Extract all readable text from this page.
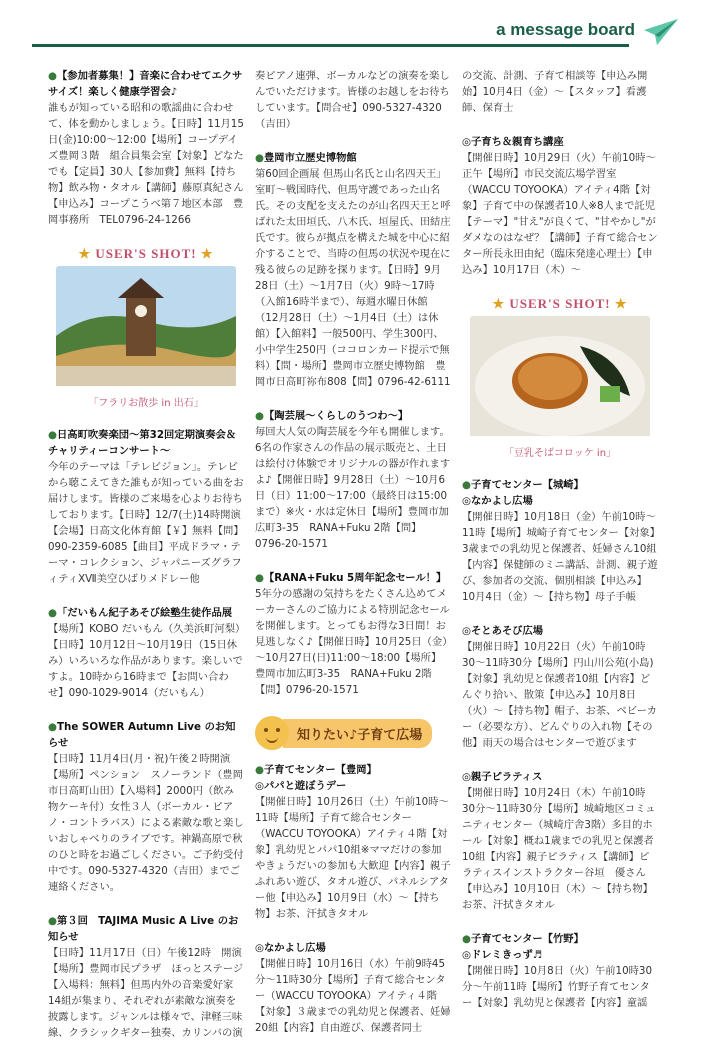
a message board
●【参加者募集！】音楽に合わせてエクササイズ！楽しく健康学習会♪
誰もが知っている昭和の歌謡曲に合わせて、体を動かしましょう。【日時】11月15日(金)10:00～12:00【場所】コープデイズ豊岡３階　組合員集会室【対象】どなたでも【定員】30人【参加費】無料【持ち物】飲み物・タオル【講師】藤原真紀さん【申込み】コープこうべ第７地区本部　豊岡事務所　TEL0796-24-1266
★ USER'S SHOT! ★
「フラリお散歩 in 出石」
●日高町吹奏楽団～第32回定期演奏会＆チャリティーコンサート～
今年のテーマは「テレビジョン」。テレビから聴こえてきた誰もが知っている曲をお届けします。皆様のご来場を心よりお待ちしております。【日時】12/7(土)14時開演【会場】日高文化体育館【￥】無料【問】090-2359-6085【曲目】平成ドラマ・テーマ・コレクション、ジャパニーズグラフィティⅩⅦ美空ひばりメドレー他
●「だいもん紀子あそび絵塾生徒作品展
【場所】KOBO だいもん（久美浜町河梨）【日時】10月12日～10月19日（15日休み）いろいろな作品があります。楽しいですよ。10時から16時まで【お問い合わせ】090-1029-9014（だいもん）
●The SOWER Autumn Live のお知らせ
【日時】11月4日(月・祝)午後２時開演【場所】ペンション　スノーランド（豊岡市日高町山田）【入場料】2000円（飲み物ケーキ付）女性３人（ボーカル・ピアノ・コントラバス）による素敵な歌と楽しいおしゃべりのライブです。神鍋高原で秋のひと時をお過ごしください。ご予約受付中です。090-5327-4320（吉田）までご連絡ください。
●第３回　TAJIMA Music A Live のお知らせ
【日時】11月17日（日）午後12時　開演【場所】豊岡市民プラザ　ほっとステージ【入場料：無料】但馬内外の音楽愛好家14組が集まり、それぞれが素敵な演奏を披露します。ジャンルは様々で、津軽三味線、クラシックギター独奏、カリンバの演
奏ピアノ連弾、ボーカルなどの演奏を楽しんでいただけます。皆様のお越しをお待ちしています。【問合せ】090-5327-4320（吉田）
●豊岡市立歴史博物館
第60回企画展 但馬山名氏と山名四天王」室町～戦国時代、但馬守護であった山名氏。その支配を支えたのが山名四天王と呼ばれた太田垣氏、八木氏、垣屋氏、田結庄氏です。彼らが拠点を構えた城を中心に紹介することで、当時の但馬の状況や現在に残る彼らの足跡を探ります。【日時】9月28日（土）～1月7日（火）9時～17時（入館16時半まで）、毎週水曜日休館（12月28日（土）～1月4日（土）は休館）【入館料】一般500円、学生300円、小中学生250円（ココロンカード提示で無料）【問・場所】豊岡市立歴史博物館　豊岡市日高町祢布808【問】0796-42-6111
●【陶芸展～くらしのうつわ～】
毎回大人気の陶芸展を今年も開催します。6名の作家さんの作品の展示販売と、土日は絵付け体験でオリジナルの器が作れますよ♪【開催日時】9月28日（土）～10月6日（日）11:00～17:00（最終日は15:00まで）※火・水は定休日【場所】豊岡市加広町3-35　RANA+Fuku 2階【問】0796-20-1571
●【RANA+Fuku 5周年記念セール！】
5年分の感謝の気持ちをたくさん込めてメーカーさんのご協力による特別記念セールを開催します。とってもお得な3日間！お見逃しなく♪【開催日時】10月25日（金）～10月27日(日)11:00～18:00【場所】豊岡市加広町3-35　RANA+Fuku 2階【問】0796-20-1571
知りたい♪子育て広場
●子育てセンター【豊岡】
◎パパと遊ぼうデー
【開催日時】10月26日（土）午前10時～11時【場所】子育て総合センター（WACCU TOYOOKA）アイティ４階【対象】乳幼児とパパ10組※ママだけの参加やきょうだいの参加も大歓迎【内容】親子ふれあい遊び、タオル遊び、パネルシアター他【申込み】10月9日（水）～【持ち物】お茶、汗拭きタオル
◎なかよし広場
【開催日時】10月16日（水）午前9時45分～11時30分【場所】子育て総合センター（WACCU TOYOOKA）アイティ４階【対象】３歳までの乳幼児と保護者、妊婦20組【内容】自由遊び、保護者同士
の交流、計測、子育て相談等【申込み開始】10月4日（金）～【スタッフ】看護師、保育士
◎子育ち＆親育ち講座
【開催日時】10月29日（火）午前10時～正午【場所】市民交流広場学習室（WACCU TOYOOKA）アイティ4階【対象】子育て中の保護者10人※8人まで託児【テーマ】"甘え"が良くて、"甘やかし"がダメなのはなぜ？【講師】子育て総合センター所長永田由紀（臨床発達心理士）【申込み】10月17日（木）～
★ USER'S SHOT! ★
「豆乳そばコロッケ in」
●子育てセンター【城崎】
◎なかよし広場
【開催日時】10月18日（金）午前10時～11時【場所】城崎子育てセンター【対象】3歳までの乳幼児と保護者、妊婦さん10組【内容】保健師のミニ講話、計測、親子遊び、参加者の交流、個別相談【申込み】10月4日（金）～【持ち物】母子手帳
◎そとあそび広場
【開催日時】10月22日（火）午前10時30～11時30分【場所】円山川公苑(小島)【対象】乳幼児と保護者10組【内容】どんぐり拾い、散策【申込み】10月8日（火）～【持ち物】帽子、お茶、ベビーカー（必要な方）、どんぐりの入れ物【その他】雨天の場合はセンターで遊びます
◎親子ピラティス
【開催日時】10月24日（木）午前10時30分～11時30分【場所】城崎地区コミュニティセンター（城崎庁舎3階）多目的ホール【対象】概ね1歳までの乳児と保護者10組【内容】親子ピラティス【講師】ピラティスインストラクター谷垣　優さん【申込み】10月10日（木）～【持ち物】お茶、汗拭きタオル
●子育てセンター【竹野】
◎ドレミきっず♬
【開催日時】10月8日（火）午前10時30分～午前11時【場所】竹野子育てセンター【対象】乳幼児と保護者【内容】童謡
